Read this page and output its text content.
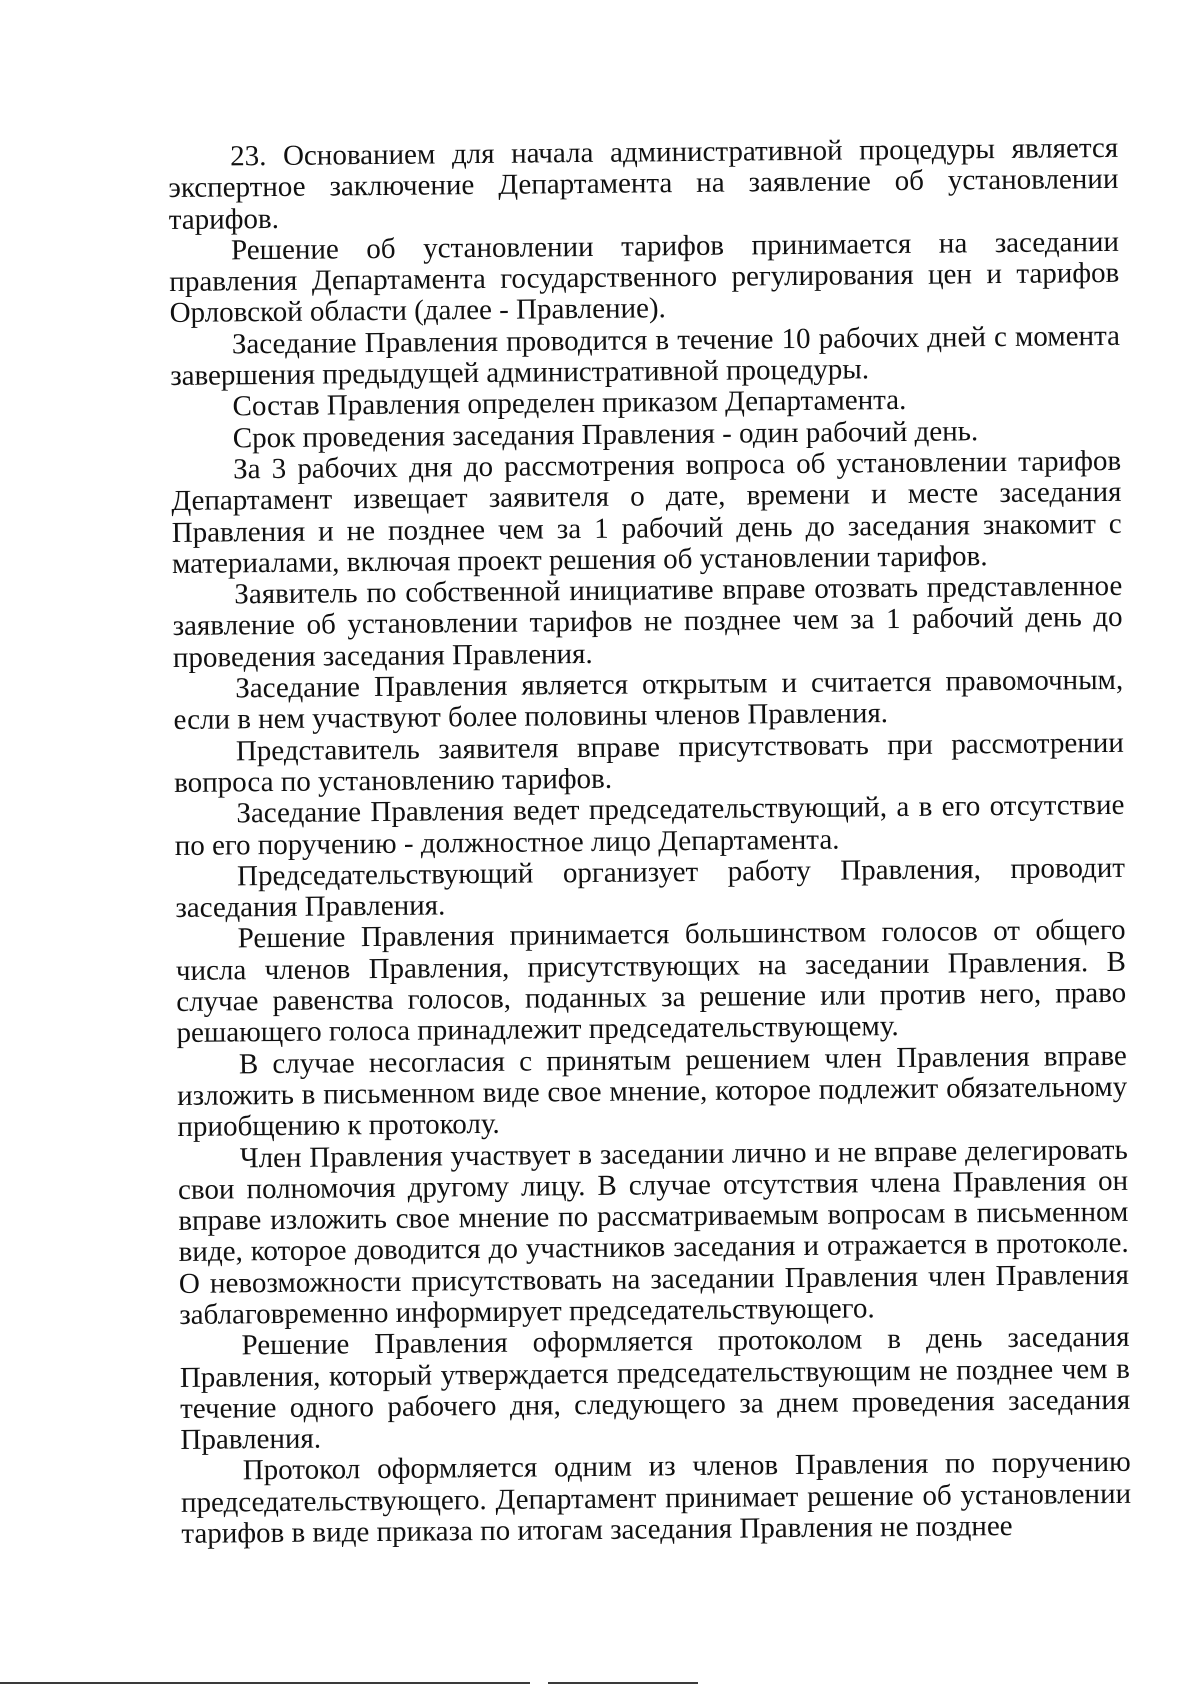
23. Основанием для начала административной процедуры является экспертное заключение Департамента на заявление об установлении тарифов.

Решение об установлении тарифов принимается на заседании правления Департамента государственного регулирования цен и тарифов Орловской области (далее - Правление).

Заседание Правления проводится в течение 10 рабочих дней с момента завершения предыдущей административной процедуры.

Состав Правления определен приказом Департамента.

Срок проведения заседания Правления - один рабочий день.

За 3 рабочих дня до рассмотрения вопроса об установлении тарифов Департамент извещает заявителя о дате, времени и месте заседания Правления и не позднее чем за 1 рабочий день до заседания знакомит с материалами, включая проект решения об установлении тарифов.

Заявитель по собственной инициативе вправе отозвать представленное заявление об установлении тарифов не позднее чем за 1 рабочий день до проведения заседания Правления.

Заседание Правления является открытым и считается правомочным, если в нем участвуют более половины членов Правления.

Представитель заявителя вправе присутствовать при рассмотрении вопроса по установлению тарифов.

Заседание Правления ведет председательствующий, а в его отсутствие по его поручению - должностное лицо Департамента.

Председательствующий организует работу Правления, проводит заседания Правления.

Решение Правления принимается большинством голосов от общего числа членов Правления, присутствующих на заседании Правления. В случае равенства голосов, поданных за решение или против него, право решающего голоса принадлежит председательствующему.

В случае несогласия с принятым решением член Правления вправе изложить в письменном виде свое мнение, которое подлежит обязательному приобщению к протоколу.

Член Правления участвует в заседании лично и не вправе делегировать свои полномочия другому лицу. В случае отсутствия члена Правления он вправе изложить свое мнение по рассматриваемым вопросам в письменном виде, которое доводится до участников заседания и отражается в протоколе. О невозможности присутствовать на заседании Правления член Правления заблаговременно информирует председательствующего.

Решение Правления оформляется протоколом в день заседания Правления, который утверждается председательствующим не позднее чем в течение одного рабочего дня, следующего за днем проведения заседания Правления.

Протокол оформляется одним из членов Правления по поручению председательствующего. Департамент принимает решение об установлении тарифов в виде приказа по итогам заседания Правления не позднее
